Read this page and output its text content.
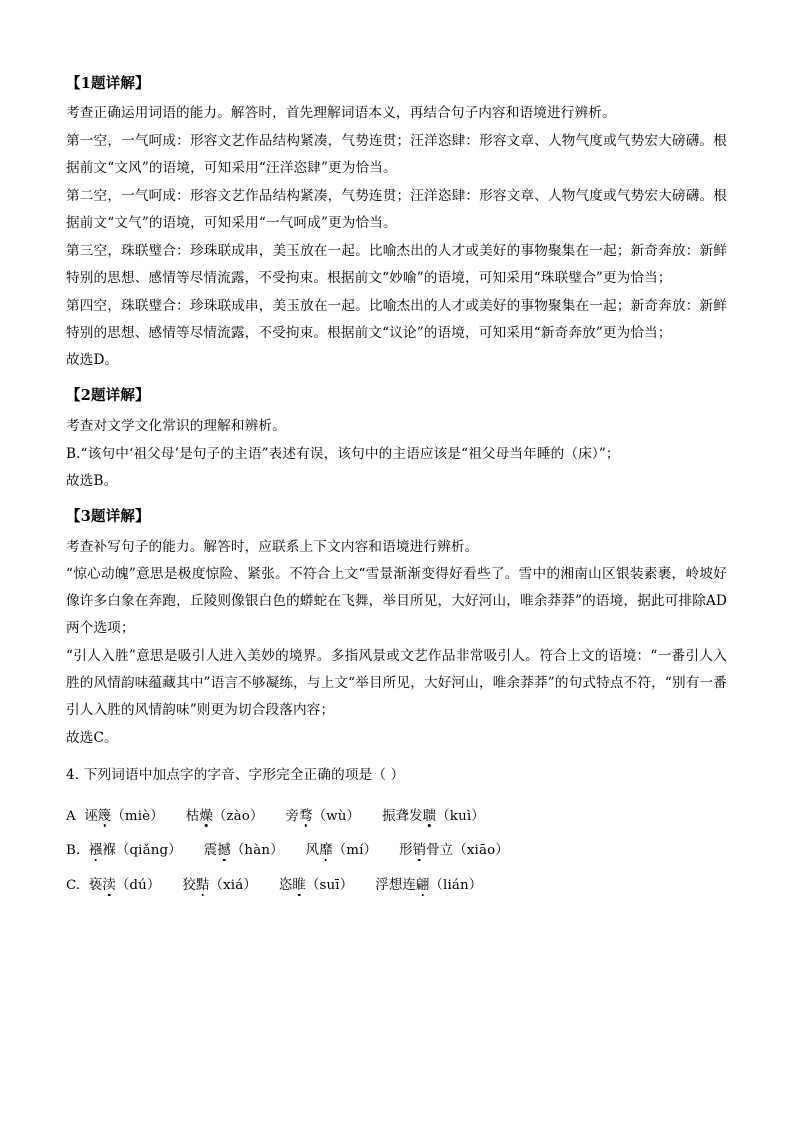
【1题详解】

考查正确运用词语的能力。解答时，首先理解词语本义，再结合句子内容和语境进行辨析。

第一空，一气呵成：形容文艺作品结构紧凑，气势连贯；汪洋恣肆：形容文章、人物气度或气势宏大磅礴。根据前文“文风”的语境，可知采用“汪洋恣肆”更为恰当。

第二空，一气呵成：形容文艺作品结构紧凑，气势连贯；汪洋恣肆：形容文章、人物气度或气势宏大磅礴。根据前文“文气”的语境，可知采用“一气呵成”更为恰当。

第三空，珠联璧合：珍珠联成串，美玉放在一起。比喻杰出的人才或美好的事物聚集在一起；新奇奔放：新鲜特别的思想、感情等尽情流露，不受拘束。根据前文“妙喻”的语境，可知采用“珠联璧合”更为恰当；

第四空，珠联璧合：珍珠联成串，美玉放在一起。比喻杰出的人才或美好的事物聚集在一起；新奇奔放：新鲜特别的思想、感情等尽情流露，不受拘束。根据前文“议论”的语境，可知采用“新奇奔放”更为恰当；

故选D。

【2题详解】

考查对文学文化常识的理解和辨析。

B.“该句中‘祖父母’是句子的主语”表述有误，该句中的主语应该是“祖父母当年睡的（床）”；

故选B。

【3题详解】

考查补写句子的能力。解答时，应联系上下文内容和语境进行辨析。

“惊心动魄”意思是极度惊险、紧张。不符合上文“雪景渐渐变得好看些了。雪中的湘南山区银装素裹，岭坡好像许多白象在奔跑，丘陵则像银白色的蟒蛇在飞舞，举目所见，大好河山，唯余莽莽”的语境，据此可排除AD两个选项；

“引人入胜”意思是吸引人进入美妙的境界。多指风景或文艺作品非常吸引人。符合上文的语境：“一番引人入胜的风情韵味蕴藏其中”语言不够凝练，与上文“举目所见，大好河山，唯余莽莽”的句式特点不符，“别有一番引人入胜的风情韵味”则更为切合段落内容；

故选C。

4. 下列词语中加点字的字音、字形完全正确的项是（ ）

A 诬篾（miè） 枯燥（zào） 旁骛（wù） 振聋发聩（kuì）
B. 襁褓（qiǎng） 震撼（hàn） 风靡（mí） 形销骨立（xiāo）
C. 亵渎（dú） 狡黠（xiá） 恣睢（suī） 浮想连翩（lián）
